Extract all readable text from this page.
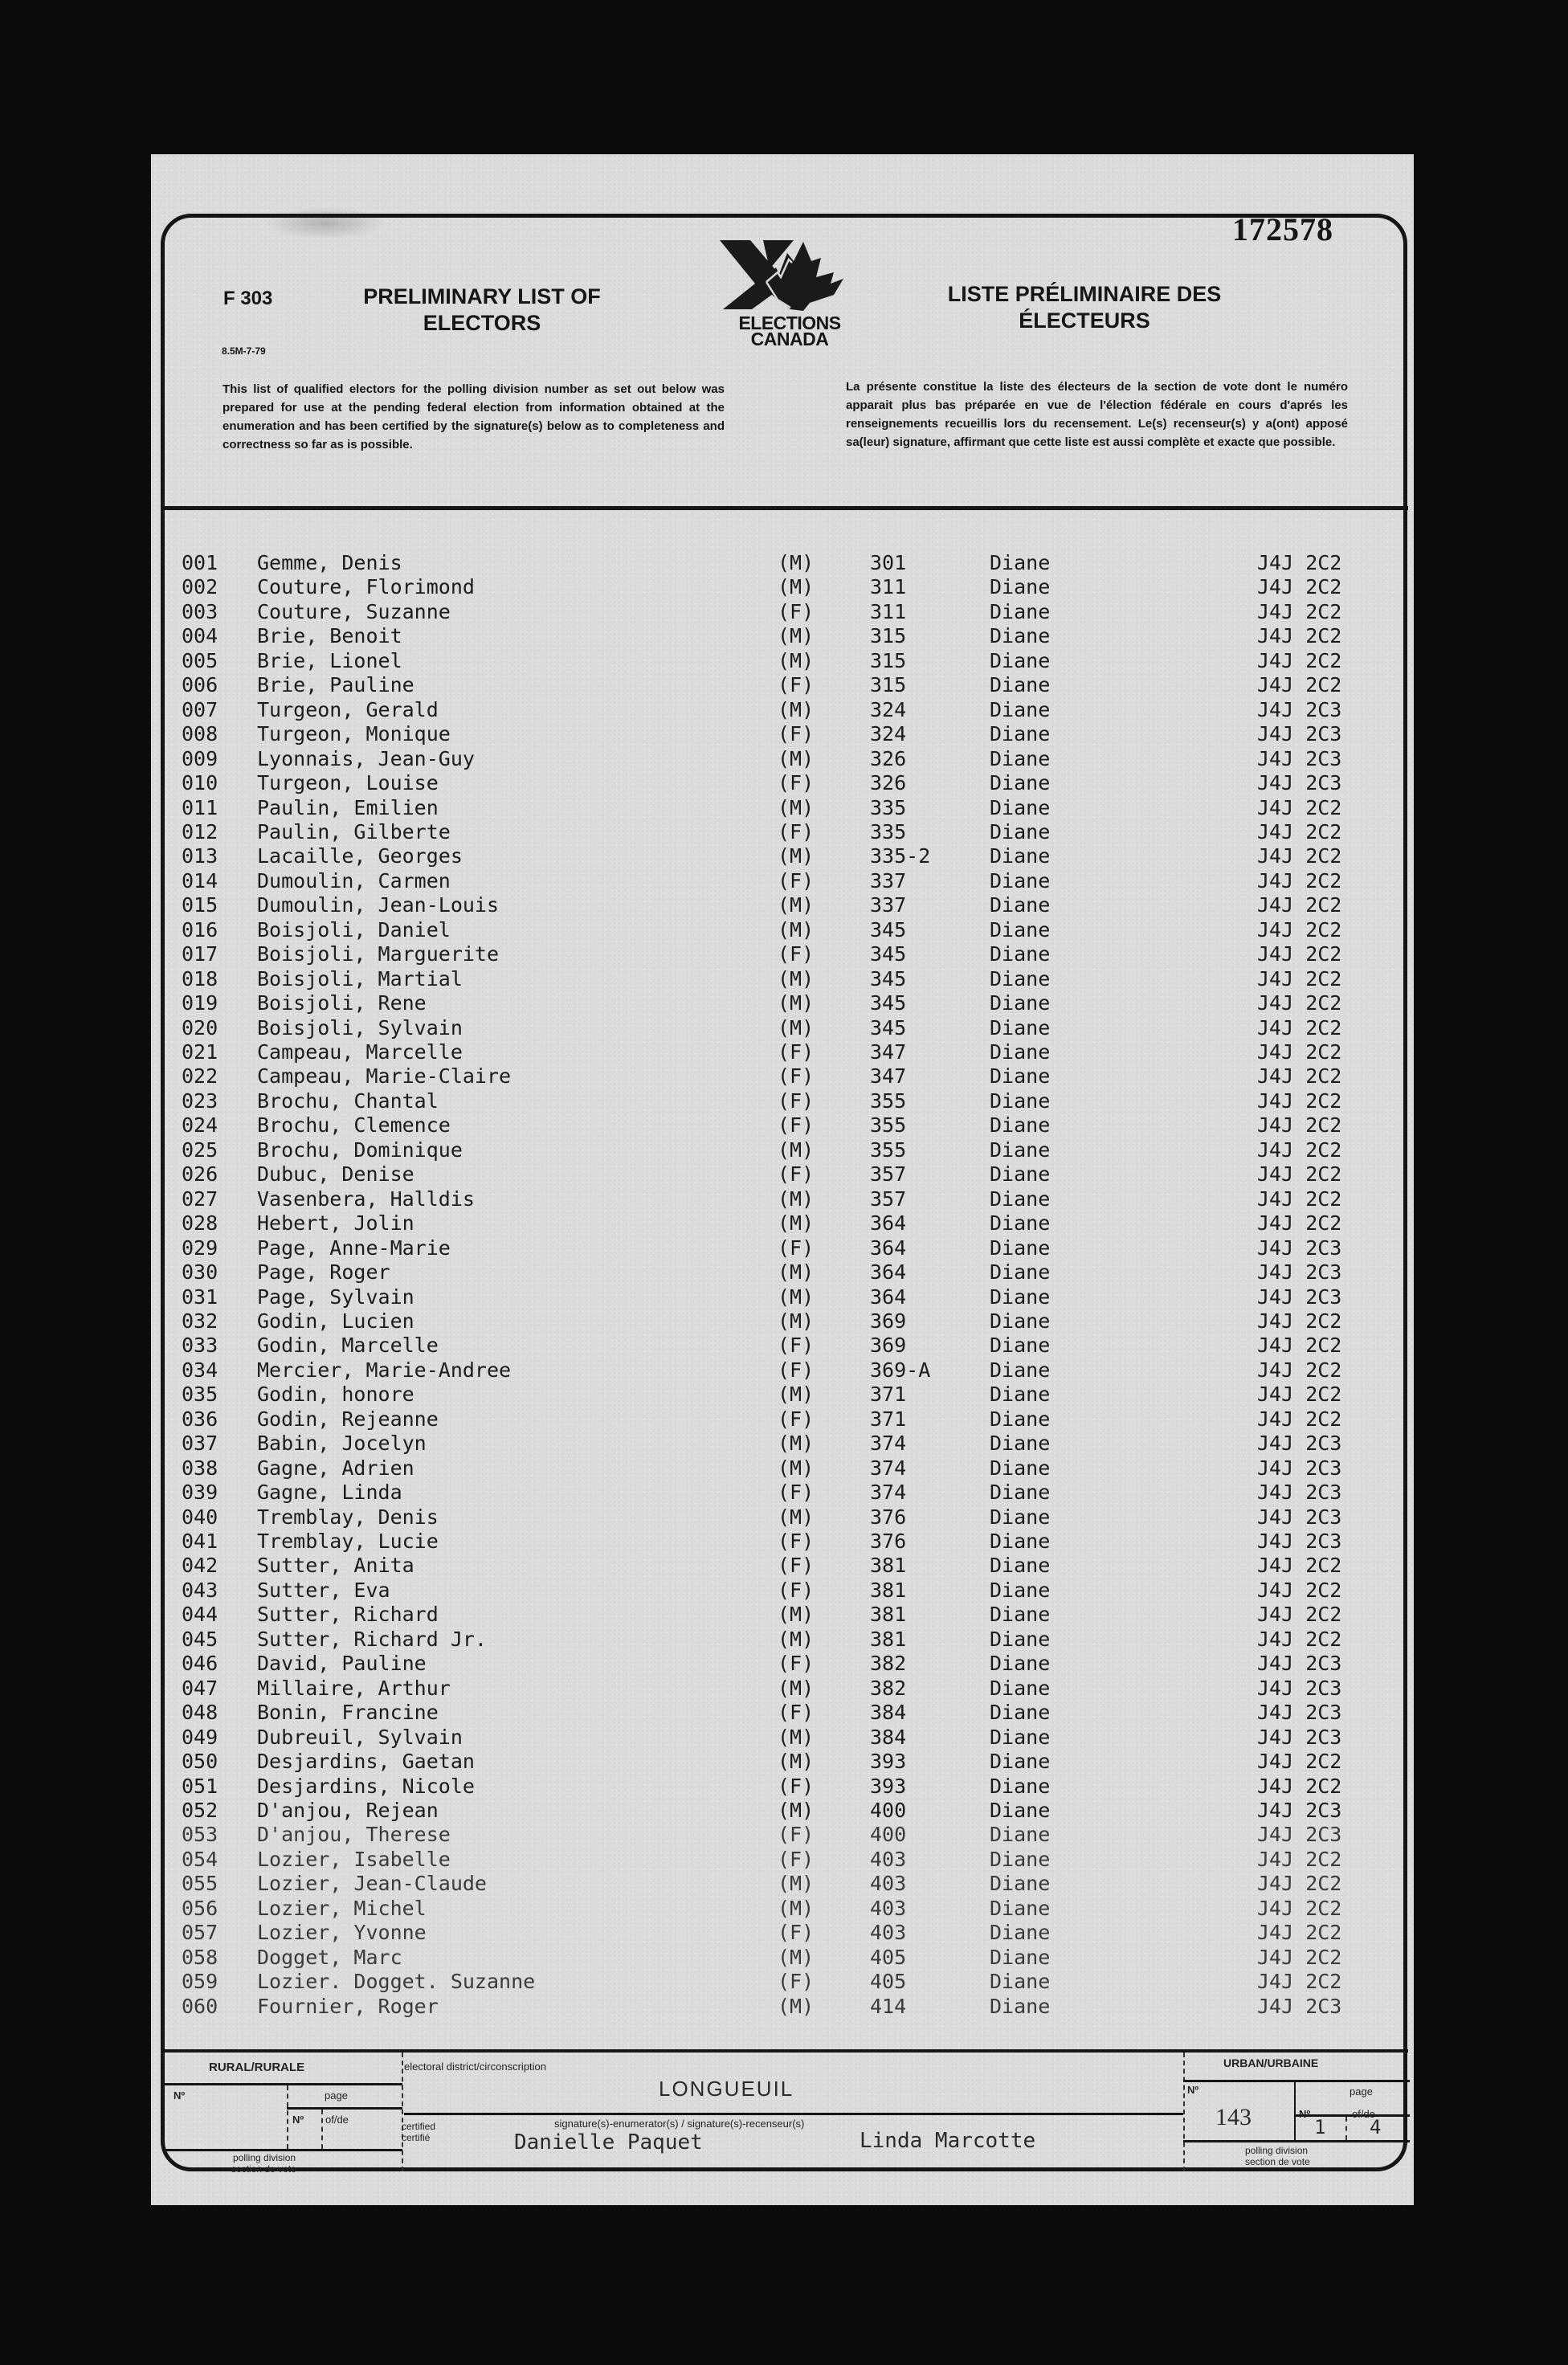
F 303
8.5M-7-79
PRELIMINARY LIST OF
ELECTORS
LISTE PRÉLIMINAIRE DES
ÉLECTEURS
172578
ELECTIONS
CANADA
This list of qualified electors for the polling division number as set out below was prepared for use at the pending federal election from information obtained at the enumeration and has been certified by the signature(s) below as to completeness and correctness so far as is possible.
La présente constitue la liste des électeurs de la section de vote dont le numéro apparait plus bas préparée en vue de l'élection fédérale en cours d'aprés les renseignements recueillis lors du recensement. Le(s) recenseur(s) y a(ont) apposé sa(leur) signature, affirmant que cette liste est aussi complète et exacte que possible.
001 Gemme, Denis	(M)	301	Diane	J4J 2C2
002 Couture, Florimond	(M)	311	Diane	J4J 2C2
003 Couture, Suzanne	(F)	311	Diane	J4J 2C2
004 Brie, Benoit	(M)	315	Diane	J4J 2C2
005 Brie, Lionel	(M)	315	Diane	J4J 2C2
006 Brie, Pauline	(F)	315	Diane	J4J 2C2
007 Turgeon, Gerald	(M)	324	Diane	J4J 2C3
008 Turgeon, Monique	(F)	324	Diane	J4J 2C3
009 Lyonnais, Jean-Guy	(M)	326	Diane	J4J 2C3
010 Turgeon, Louise	(F)	326	Diane	J4J 2C3
011 Paulin, Emilien	(M)	335	Diane	J4J 2C2
012 Paulin, Gilberte	(F)	335	Diane	J4J 2C2
013 Lacaille, Georges	(M)	335-2	Diane	J4J 2C2
014 Dumoulin, Carmen	(F)	337	Diane	J4J 2C2
015 Dumoulin, Jean-Louis	(M)	337	Diane	J4J 2C2
016 Boisjoli, Daniel	(M)	345	Diane	J4J 2C2
017 Boisjoli, Marguerite	(F)	345	Diane	J4J 2C2
018 Boisjoli, Martial	(M)	345	Diane	J4J 2C2
019 Boisjoli, Rene	(M)	345	Diane	J4J 2C2
020 Boisjoli, Sylvain	(M)	345	Diane	J4J 2C2
021 Campeau, Marcelle	(F)	347	Diane	J4J 2C2
022 Campeau, Marie-Claire	(F)	347	Diane	J4J 2C2
023 Brochu, Chantal	(F)	355	Diane	J4J 2C2
024 Brochu, Clemence	(F)	355	Diane	J4J 2C2
025 Brochu, Dominique	(M)	355	Diane	J4J 2C2
026 Dubuc, Denise	(F)	357	Diane	J4J 2C2
027 Vasenbera, Halldis	(M)	357	Diane	J4J 2C2
028 Hebert, Jolin	(M)	364	Diane	J4J 2C2
029 Page, Anne-Marie	(F)	364	Diane	J4J 2C3
030 Page, Roger	(M)	364	Diane	J4J 2C3
031 Page, Sylvain	(M)	364	Diane	J4J 2C3
032 Godin, Lucien	(M)	369	Diane	J4J 2C2
033 Godin, Marcelle	(F)	369	Diane	J4J 2C2
034 Mercier, Marie-Andree	(F)	369-A	Diane	J4J 2C2
035 Godin, honore	(M)	371	Diane	J4J 2C2
036 Godin, Rejeanne	(F)	371	Diane	J4J 2C2
037 Babin, Jocelyn	(M)	374	Diane	J4J 2C3
038 Gagne, Adrien	(M)	374	Diane	J4J 2C3
039 Gagne, Linda	(F)	374	Diane	J4J 2C3
040 Tremblay, Denis	(M)	376	Diane	J4J 2C3
041 Tremblay, Lucie	(F)	376	Diane	J4J 2C3
042 Sutter, Anita	(F)	381	Diane	J4J 2C2
043 Sutter, Eva	(F)	381	Diane	J4J 2C2
044 Sutter, Richard	(M)	381	Diane	J4J 2C2
045 Sutter, Richard Jr.	(M)	381	Diane	J4J 2C2
046 David, Pauline	(F)	382	Diane	J4J 2C3
047 Millaire, Arthur	(M)	382	Diane	J4J 2C3
048 Bonin, Francine	(F)	384	Diane	J4J 2C3
049 Dubreuil, Sylvain	(M)	384	Diane	J4J 2C3
050 Desjardins, Gaetan	(M)	393	Diane	J4J 2C2
051 Desjardins, Nicole	(F)	393	Diane	J4J 2C2
052 D'anjou, Rejean	(M)	400	Diane	J4J 2C3
053 D'anjou, Therese	(F)	400	Diane	J4J 2C3
054 Lozier, Isabelle	(F)	403	Diane	J4J 2C2
055 Lozier, Jean-Claude	(M)	403	Diane	J4J 2C2
056 Lozier, Michel	(M)	403	Diane	J4J 2C2
057 Lozier, Yvonne	(F)	403	Diane	J4J 2C2
058 Dogget, Marc	(M)	405	Diane	J4J 2C2
059 Lozier. Dogget. Suzanne	(F)	405	Diane	J4J 2C2
060 Fournier, Roger	(M)	414	Diane	J4J 2C3
RURAL/RURALE
Nº	page
Nº of/de
polling division
section de vote
electoral district/circonscription
LONGUEUIL
certified
certifié
signature(s)-enumerator(s) / signature(s)-recenseur(s)
Danielle Paquet	Linda Marcotte
URBAN/URBAINE
Nº
143
page
Nº
1
of/de
4
polling division
section de vote
